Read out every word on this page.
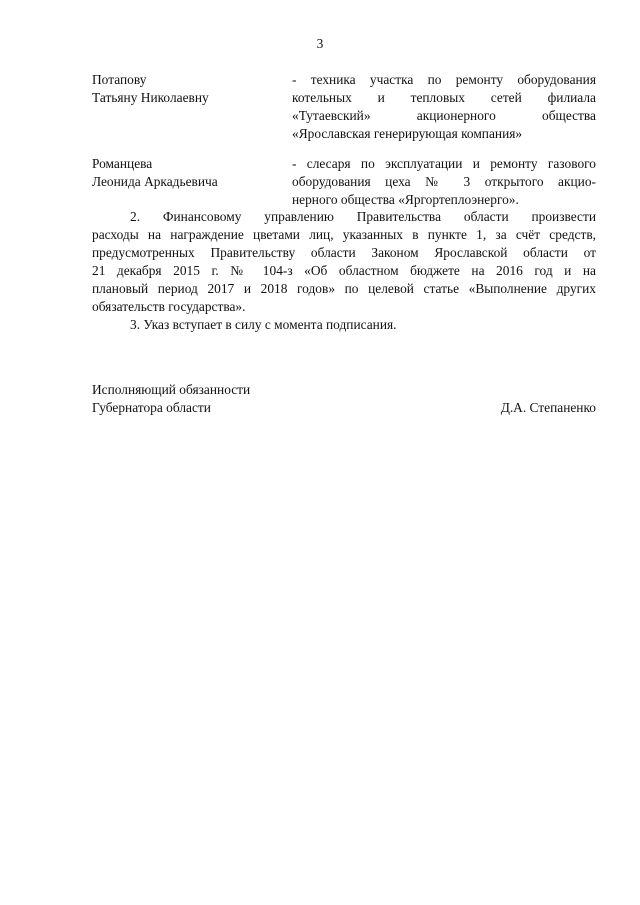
3
Потапову
Татьяну Николаевну
- техника участка по ремонту оборудования
котельных и тепловых сетей филиала
«Тутаевский» акционерного общества
«Ярославская генерирующая компания»
Романцева
Леонида Аркадьевича
- слесаря по эксплуатации и ремонту газового
оборудования цеха № 3 открытого акцио-
нерного общества «Яргортеплоэнерго».
2. Финансовому управлению Правительства области произвести
расходы на награждение цветами лиц, указанных в пункте 1, за счёт средств,
предусмотренных Правительству области Законом Ярославской области от
21 декабря 2015 г. № 104-з «Об областном бюджете на 2016 год и на
плановый период 2017 и 2018 годов» по целевой статье «Выполнение других
обязательств государства».
3. Указ вступает в силу с момента подписания.
Исполняющий обязанности
Губернатора области	Д.А. Степаненко
